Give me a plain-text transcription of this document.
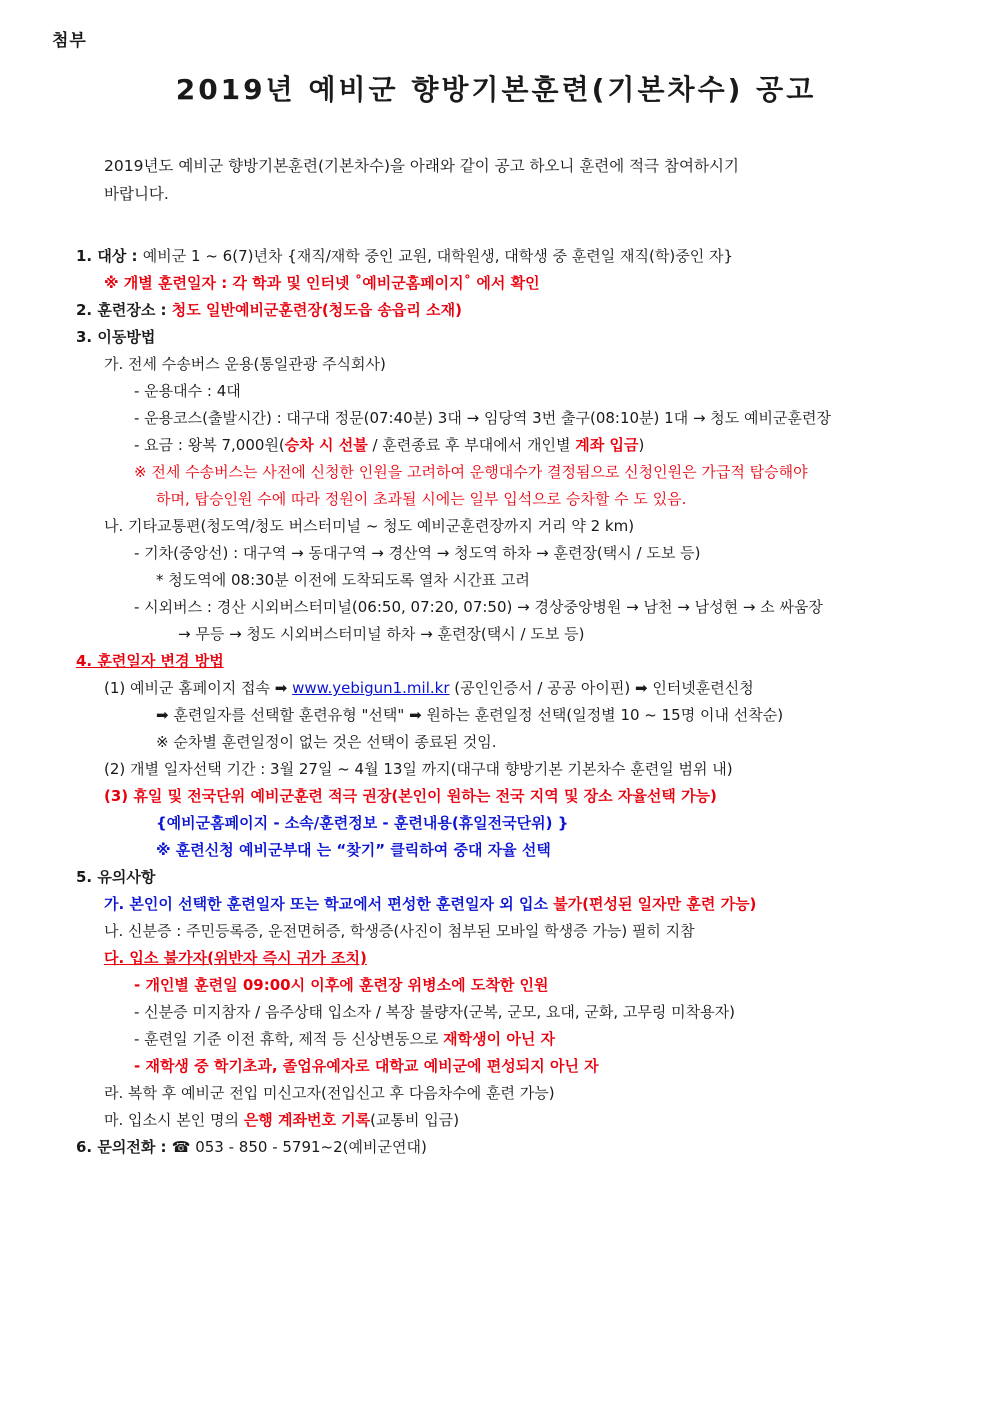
첨부
2019년 예비군 향방기본훈련(기본차수) 공고
2019년도 예비군 향방기본훈련(기본차수)을 아래와 같이 공고 하오니 훈련에 적극 참여하시기
바랍니다.
1. 대상 : 예비군 1 ~ 6(7)년차 {재직/재학 중인 교원, 대학원생, 대학생 중 훈련일 재직(학)중인 자}
※ 개별 훈련일자 : 각 학과 및 인터넷 ˚예비군홈페이지˚ 에서 확인
2. 훈련장소 : 청도 일반예비군훈련장(청도읍 송읍리 소재)
3. 이동방법
가. 전세 수송버스 운용(통일관광 주식회사)
- 운용대수 : 4대
- 운용코스(출발시간) : 대구대 정문(07:40분) 3대 → 임당역 3번 출구(08:10분) 1대 → 청도 예비군훈련장
- 요금 : 왕복 7,000원(승차 시 선불 / 훈련종료 후 부대에서 개인별 계좌 입금)
※ 전세 수송버스는 사전에 신청한 인원을 고려하여 운행대수가 결정됨으로 신청인원은 가급적 탑승해야
하며, 탑승인원 수에 따라 정원이 초과될 시에는 일부 입석으로 승차할 수 도 있음.
나. 기타교통편(청도역/청도 버스터미널 ~ 청도 예비군훈련장까지 거리 약 2 km)
- 기차(중앙선) : 대구역 → 동대구역 → 경산역 → 청도역 하차 → 훈련장(택시 / 도보 등)
* 청도역에 08:30분 이전에 도착되도록 열차 시간표 고려
- 시외버스 : 경산 시외버스터미널(06:50, 07:20, 07:50) → 경상중앙병원 → 남천 → 남성현 → 소 싸움장
→ 무등 → 청도 시외버스터미널 하차 → 훈련장(택시 / 도보 등)
4. 훈련일자 변경 방법
(1) 예비군 홈페이지 접속 ➡ www.yebigun1.mil.kr (공인인증서 / 공공 아이핀) ➡ 인터넷훈련신청
➡ 훈련일자를 선택할 훈련유형 "선택" ➡ 원하는 훈련일정 선택(일정별 10 ~ 15명 이내 선착순)
※ 순차별 훈련일정이 없는 것은 선택이 종료된 것임.
(2) 개별 일자선택 기간 : 3월 27일 ~ 4월 13일 까지(대구대 향방기본 기본차수 훈련일 범위 내)
(3) 휴일 및 전국단위 예비군훈련 적극 권장(본인이 원하는 전국 지역 및 장소 자율선택 가능)
{예비군홈페이지 - 소속/훈련정보 - 훈련내용(휴일전국단위) }
※ 훈련신청 예비군부대 는 “찾기” 클릭하여 중대 자율 선택
5. 유의사항
가. 본인이 선택한 훈련일자 또는 학교에서 편성한 훈련일자 외 입소 불가(편성된 일자만 훈련 가능)
나. 신분증 : 주민등록증, 운전면허증, 학생증(사진이 첨부된 모바일 학생증 가능) 필히 지참
다. 입소 불가자(위반자 즉시 귀가 조치)
- 개인별 훈련일 09:00시 이후에 훈련장 위병소에 도착한 인원
- 신분증 미지참자 / 음주상태 입소자 / 복장 불량자(군복, 군모, 요대, 군화, 고무링 미착용자)
- 훈련일 기준 이전 휴학, 제적 등 신상변동으로 재학생이 아닌 자
- 재학생 중 학기초과, 졸업유예자로 대학교 예비군에 편성되지 아닌 자
라. 복학 후 예비군 전입 미신고자(전입신고 후 다음차수에 훈련 가능)
마. 입소시 본인 명의 은행 계좌번호 기록(교통비 입금)
6. 문의전화 : ☎ 053 - 850 - 5791~2(예비군연대)
